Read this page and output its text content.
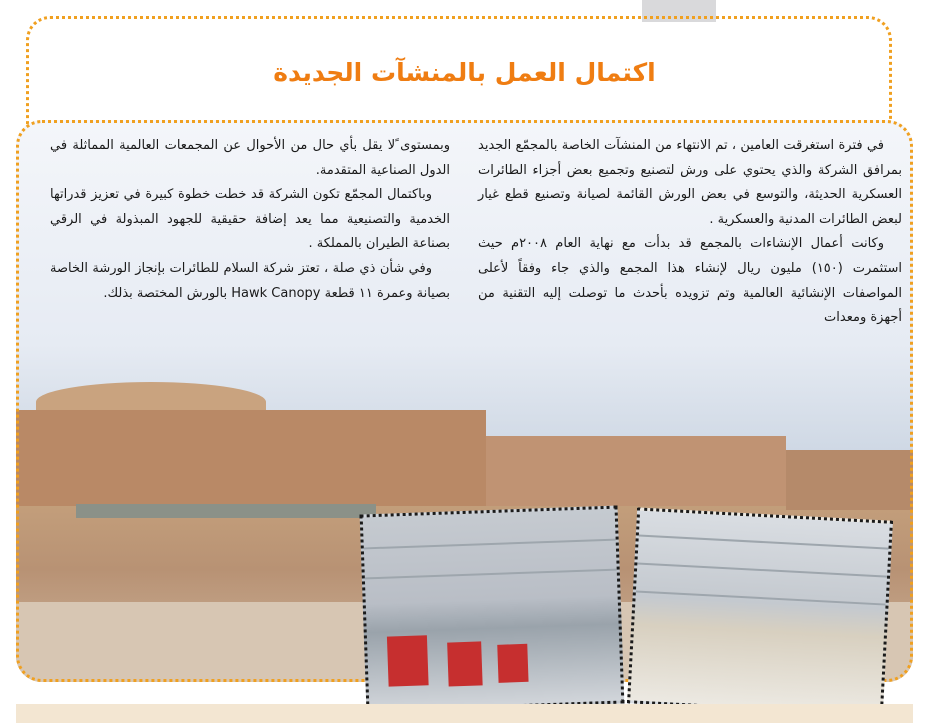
اكتمال العمل بالمنشآت الجديدة

في فترة استغرقت العامين ، تم الانتهاء من المنشآت الخاصة بالمجمّع الجديد بمرافق الشركة والذي يحتوي على ورش لتصنيع وتجميع بعض أجزاء الطائرات العسكرية الحديثة، والتوسع في بعض الورش القائمة لصيانة وتصنيع قطع غيار لبعض الطائرات المدنية والعسكرية .

وكانت أعمال الإنشاءات بالمجمع قد بدأت مع نهاية العام ٢٠٠٨م حيث استثمرت (١٥٠) مليون ريال لإنشاء هذا المجمع والذي جاء وفقاً لأعلى المواصفات الإنشائية العالمية وتم تزويده بأحدث ما توصلت إليه التقنية من أجهزة ومعدات

وبمستوى ًلا يقل بأي حال من الأحوال عن المجمعات العالمية المماثلة في الدول الصناعية المتقدمة.

وباكتمال المجمّع تكون الشركة قد خطت خطوة كبيرة في تعزيز قدراتها الخدمية والتصنيعية مما يعد إضافة حقيقية للجهود المبذولة في الرقي بصناعة الطيران بالمملكة .

وفي شأن ذي صلة ، تعتز شركة السلام للطائرات بإنجاز الورشة الخاصة بصيانة وعمرة ١١ قطعة Hawk Canopy بالورش المختصة بذلك.
